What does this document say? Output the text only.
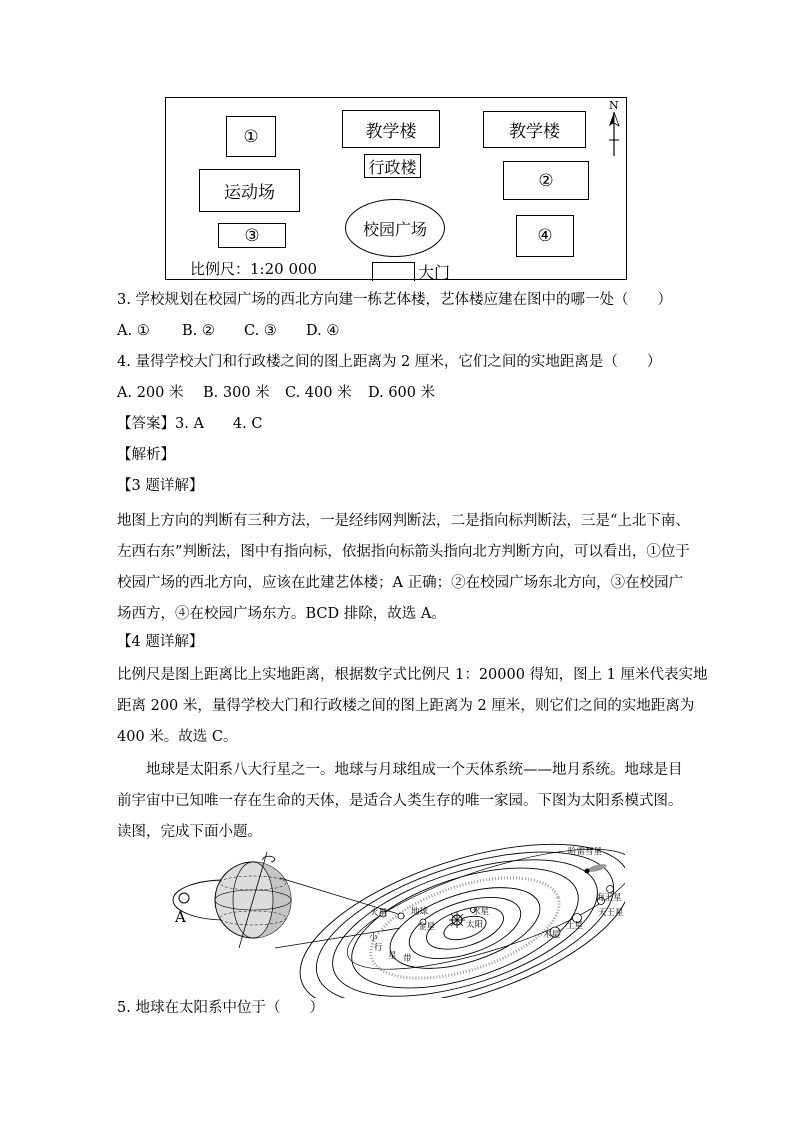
①	教学楼	教学楼
行政楼
运动场
②
校园广场
③	④
大门
比例尺：1:20 000
N
3. 学校规划在校园广场的西北方向建一栋艺体楼，艺体楼应建在图中的哪一处（　　）
A. ① B. ② C. ③ D. ④
4. 量得学校大门和行政楼之间的图上距离为 2 厘米，它们之间的实地距离是（　　）
A. 200 米 B. 300 米 C. 400 米 D. 600 米
【答案】3. A　　4. C
【解析】
【3 题详解】
地图上方向的判断有三种方法，一是经纬网判断法，二是指向标判断法，三是“上北下南、
左西右东”判断法，图中有指向标，依据指向标箭头指向北方判断方向，可以看出，①位于
校园广场的西北方向，应该在此建艺体楼；A 正确；②在校园广场东北方向，③在校园广
场西方，④在校园广场东方。BCD 排除，故选 A。
【4 题详解】
比例尺是图上距离比上实地距离，根据数字式比例尺 1：20000 得知，图上 1 厘米代表实地
距离 200 米，量得学校大门和行政楼之间的图上距离为 2 厘米，则它们之间的实地距离为
400 米。故选 C。
　　地球是太阳系八大行星之一。地球与月球组成一个天体系统——地月系统。地球是目
前宇宙中已知唯一存在生命的天体，是适合人类生存的唯一家园。下图为太阳系模式图。
读图，完成下面小题。
A
哈雷彗星
海王星
天王星
土星
木星
火星	地球	水星
金星	太阳
小
行
星 带
5. 地球在太阳系中位于（　　）
